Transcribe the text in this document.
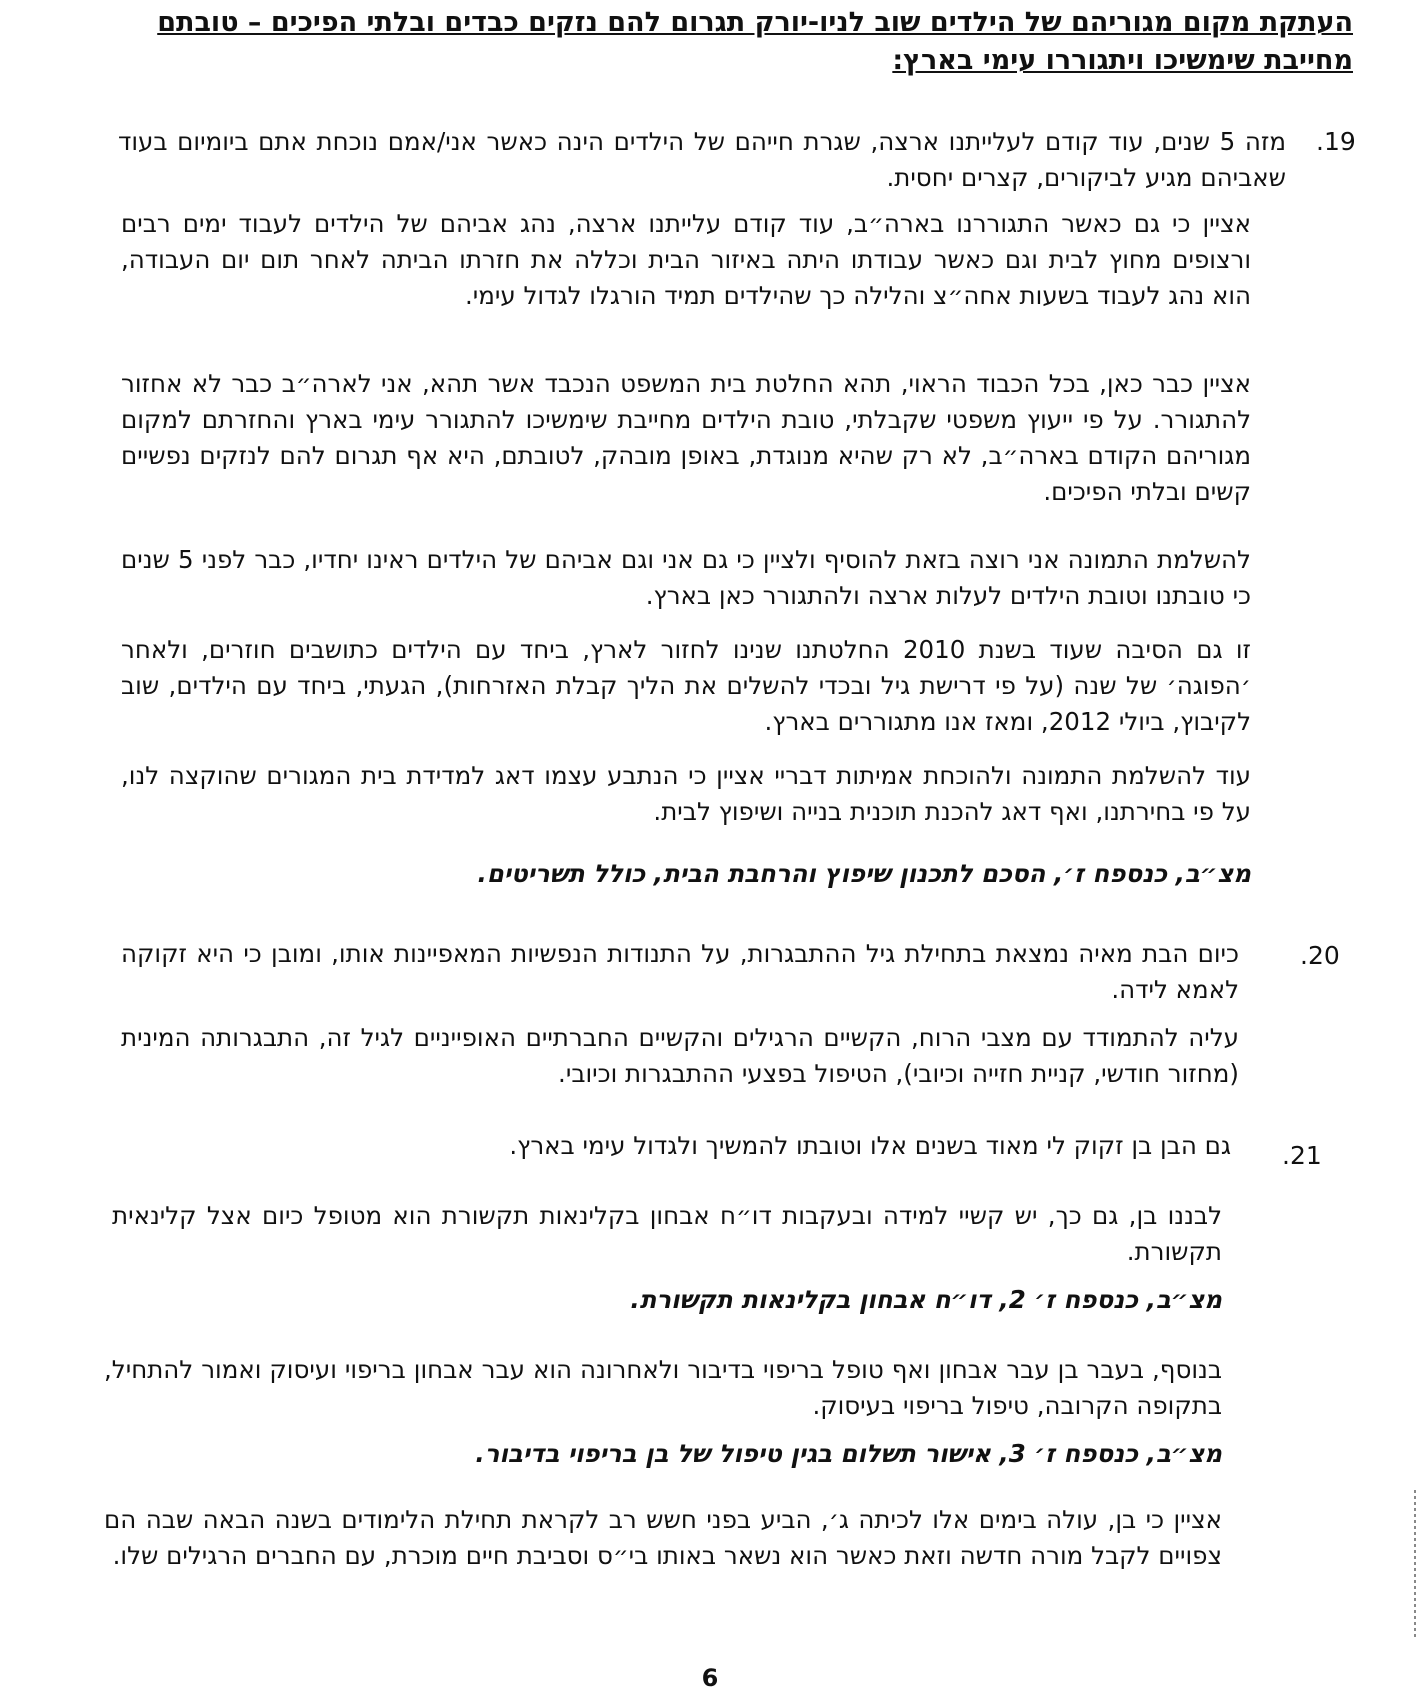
העתקת מקום מגוריהם של הילדים שוב לניו-יורק תגרום להם נזקים כבדים ובלתי הפיכים – טובתם
מחייבת שימשיכו ויתגוררו עימי בארץ:
.19
מזה 5 שנים, עוד קודם לעלייתנו ארצה, שגרת חייהם של הילדים הינה כאשר אני/אמם נוכחת אתם ביומיום בעוד שאביהם מגיע לביקורים, קצרים יחסית.
אציין כי גם כאשר התגוררנו בארה״ב, עוד קודם עלייתנו ארצה, נהג אביהם של הילדים לעבוד ימים רבים ורצופים מחוץ לבית וגם כאשר עבודתו היתה באיזור הבית וכללה את חזרתו הביתה לאחר תום יום העבודה, הוא נהג לעבוד בשעות אחה״צ והלילה כך שהילדים תמיד הורגלו לגדול עימי.
אציין כבר כאן, בכל הכבוד הראוי, תהא החלטת בית המשפט הנכבד אשר תהא, אני לארה״ב כבר לא אחזור להתגורר. על פי ייעוץ משפטי שקבלתי, טובת הילדים מחייבת שימשיכו להתגורר עימי בארץ והחזרתם למקום מגוריהם הקודם בארה״ב, לא רק שהיא מנוגדת, באופן מובהק, לטובתם, היא אף תגרום להם לנזקים נפשיים קשים ובלתי הפיכים.
להשלמת התמונה אני רוצה בזאת להוסיף ולציין כי גם אני וגם אביהם של הילדים ראינו יחדיו, כבר לפני 5 שנים כי טובתנו וטובת הילדים לעלות ארצה ולהתגורר כאן בארץ.
זו גם הסיבה שעוד בשנת 2010 החלטתנו שנינו לחזור לארץ, ביחד עם הילדים כתושבים חוזרים, ולאחר ׳הפוגה׳ של שנה (על פי דרישת גיל ובכדי להשלים את הליך קבלת האזרחות), הגעתי, ביחד עם הילדים, שוב לקיבוץ, ביולי 2012, ומאז אנו מתגוררים בארץ.
עוד להשלמת התמונה ולהוכחת אמיתות דבריי אציין כי הנתבע עצמו דאג למדידת בית המגורים שהוקצה לנו, על פי בחירתנו, ואף דאג להכנת תוכנית בנייה ושיפוץ לבית.
מצ״ב, כנספח ז׳, הסכם לתכנון שיפוץ והרחבת הבית, כולל תשריטים.
.20
כיום הבת מאיה נמצאת בתחילת גיל ההתבגרות, על התנודות הנפשיות המאפיינות אותו, ומובן כי היא זקוקה לאמא לידה.
עליה להתמודד עם מצבי הרוח, הקשיים הרגילים והקשיים החברתיים האופייניים לגיל זה, התבגרותה המינית (מחזור חודשי, קניית חזייה וכיובי), הטיפול בפצעי ההתבגרות וכיובי.
.21
גם הבן בן זקוק לי מאוד בשנים אלו וטובתו להמשיך ולגדול עימי בארץ.
לבננו בן, גם כך, יש קשיי למידה ובעקבות דו״ח אבחון בקלינאות תקשורת הוא מטופל כיום אצל קלינאית תקשורת.
מצ״ב, כנספח ז׳ 2, דו״ח אבחון בקלינאות תקשורת.
בנוסף, בעבר בן עבר אבחון ואף טופל בריפוי בדיבור ולאחרונה הוא עבר אבחון בריפוי ועיסוק ואמור להתחיל, בתקופה הקרובה, טיפול בריפוי בעיסוק.
מצ״ב, כנספח ז׳ 3, אישור תשלום בגין טיפול של בן בריפוי בדיבור.
אציין כי בן, עולה בימים אלו לכיתה ג׳, הביע בפני חשש רב לקראת תחילת הלימודים בשנה הבאה שבה הם צפויים לקבל מורה חדשה וזאת כאשר הוא נשאר באותו בי״ס וסביבת חיים מוכרת, עם החברים הרגילים שלו.
6
